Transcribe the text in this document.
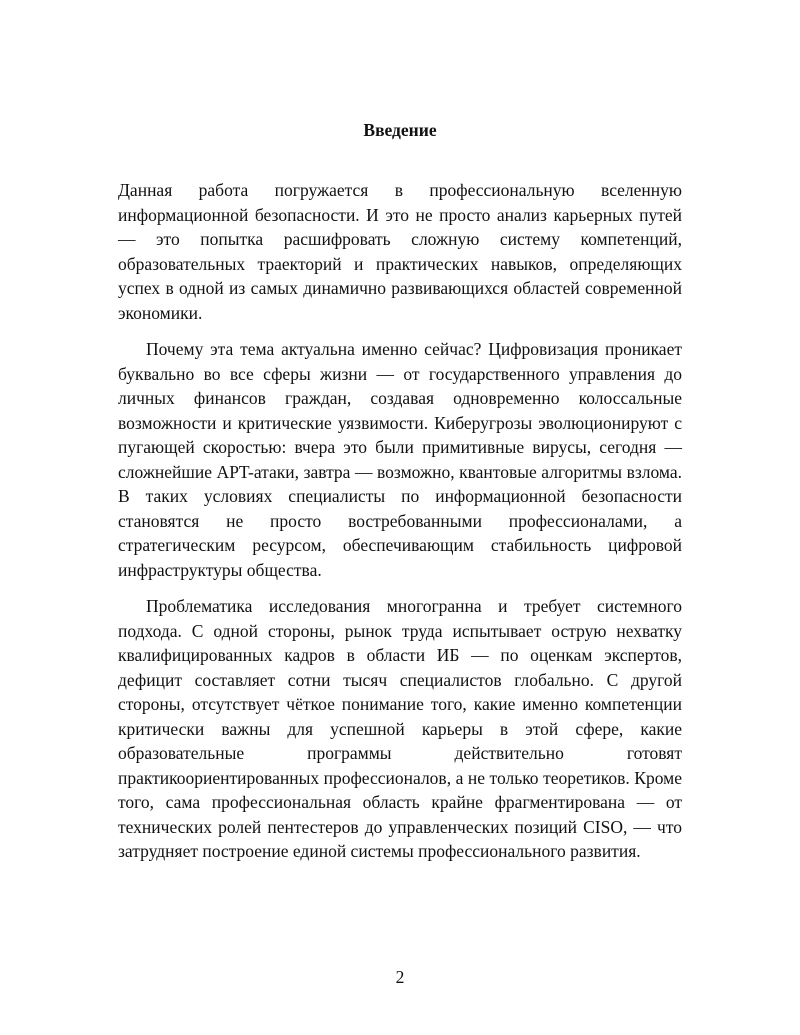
Введение

Данная работа погружается в профессиональную вселенную информационной безопасности. И это не просто анализ карьерных путей — это попытка расшифровать сложную систему компетенций, образовательных траекторий и практических навыков, определяющих успех в одной из самых динамично развивающихся областей современной экономики.

Почему эта тема актуальна именно сейчас? Цифровизация проникает буквально во все сферы жизни — от государственного управления до личных финансов граждан, создавая одновременно колоссальные возможности и критические уязвимости. Киберугрозы эволюционируют с пугающей скоростью: вчера это были примитивные вирусы, сегодня — сложнейшие APT-атаки, завтра — возможно, квантовые алгоритмы взлома. В таких условиях специалисты по информационной безопасности становятся не просто востребованными профессионалами, а стратегическим ресурсом, обеспечивающим стабильность цифровой инфраструктуры общества.

Проблематика исследования многогранна и требует системного подхода. С одной стороны, рынок труда испытывает острую нехватку квалифицированных кадров в области ИБ — по оценкам экспертов, дефицит составляет сотни тысяч специалистов глобально. С другой стороны, отсутствует чёткое понимание того, какие именно компетенции критически важны для успешной карьеры в этой сфере, какие образовательные программы действительно готовят практикоориентированных профессионалов, а не только теоретиков. Кроме того, сама профессиональная область крайне фрагментирована — от технических ролей пентестеров до управленческих позиций CISO, — что затрудняет построение единой системы профессионального развития.

2
